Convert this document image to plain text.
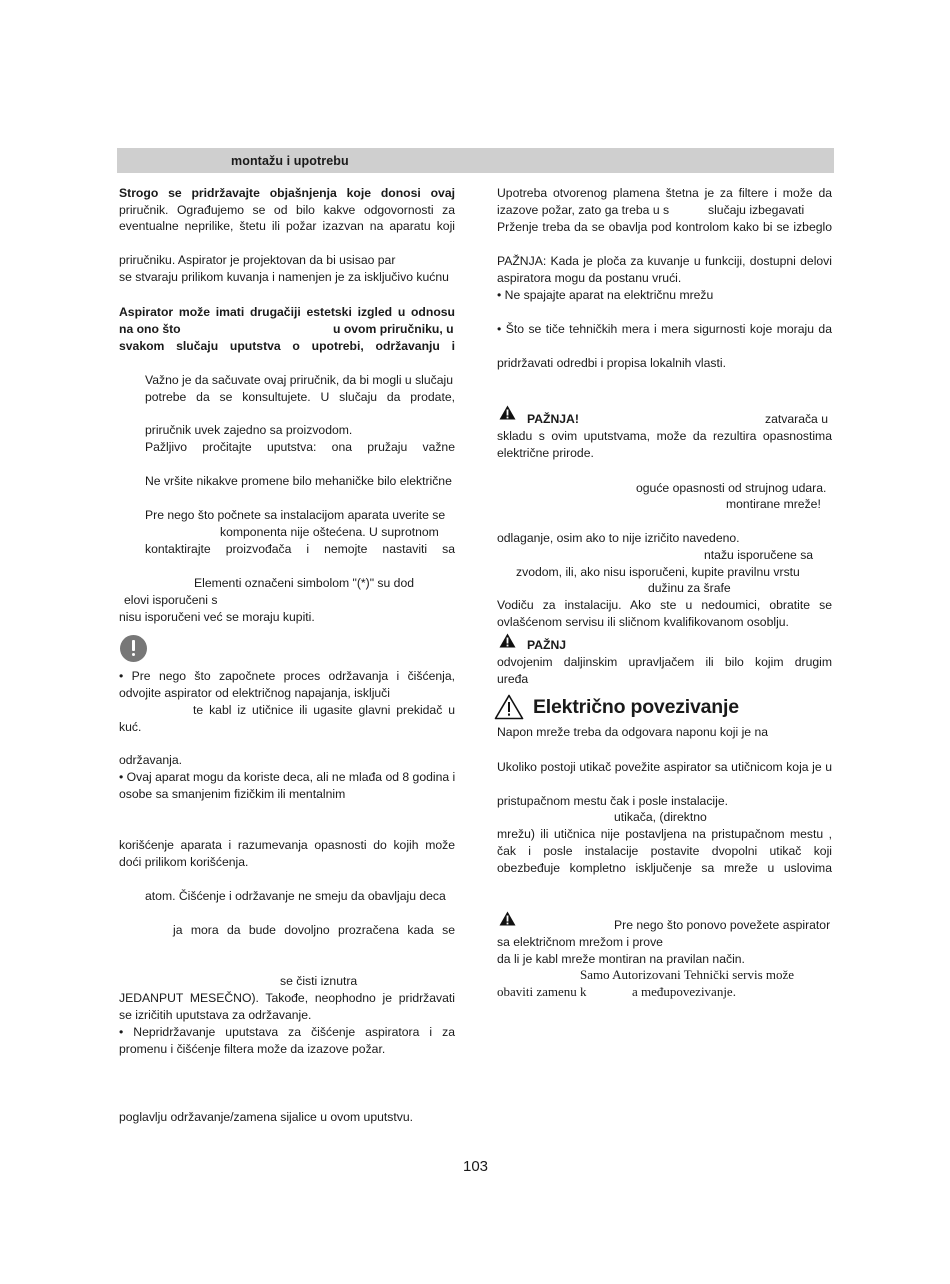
montažu i upotrebu
Strogo se pridržavajte objašnjenja koje donosi ovaj
priručnik. Ograđujemo se od bilo kakve odgovornosti za
eventualne neprilike, štetu ili požar izazvan na aparatu koji
priručniku. Aspirator je projektovan da bi usisao par
se stvaraju prilikom kuvanja i namenjen je za isključivo kućnu
Aspirator može imati drugačiji estetski izgled u odnosu
na ono što	u ovom priručniku, u
svakom slučaju uputstva o upotrebi, održavanju i
Važno je da sačuvate ovaj priručnik, da bi mogli u slučaju
potrebe da se konsultujete. U slučaju da prodate,
priručnik uvek zajedno sa proizvodom.
Pažljivo pročitajte uputstva: ona pružaju važne
Ne vršite nikakve promene bilo mehaničke bilo električne
Pre nego što počnete sa instalacijom aparata uverite se
komponenta nije oštećena. U suprotnom
kontaktirajte proizvođača i nemojte nastaviti sa
Elementi označeni simbolom "(*)" su dod
elovi isporučeni s
nisu isporučeni već se moraju kupiti.
• Pre nego što započnete proces održavanja i čišćenja,
odvojite aspirator od električnog napajanja, isključi
te kabl iz utičnice ili ugasite glavni prekidač u
kuć.
održavanja.
• Ovaj aparat mogu da koriste deca, ali ne mlađa od 8 godina i
osobe sa smanjenim fizičkim ili mentalnim
korišćenje aparata i razumevanja opasnosti do kojih može
doći prilikom korišćenja.
atom. Čišćenje i održavanje ne smeju da obavljaju deca
ja mora da bude dovoljno prozračena kada se
se čisti iznutra
JEDANPUT MESEČNO). Takođe, neophodno je pridržavati
se izričitih uputstava za održavanje.
• Nepridržavanje uputstava za čišćenje aspiratora i za
promenu i čišćenje filtera može da izazove požar.
poglavlju održavanje/zamena sijalice u ovom uputstvu.
Upotreba otvorenog plamena štetna je za filtere i može da
izazove požar, zato ga treba u s	slučaju izbegavati
Prženje treba da se obavlja pod kontrolom kako bi se izbeglo
PAŽNJA: Kada je ploča za kuvanje u funkciji, dostupni delovi
aspiratora mogu da postanu vrući.
• Ne spajajte aparat na električnu mrežu
• Što se tiče tehničkih mera i mera sigurnosti koje moraju da
pridržavati odredbi i propisa lokalnih vlasti.
PAŽNJA!	zatvarača u
skladu s ovim uputstvama, može da rezultira opasnostima
električne prirode.
oguće opasnosti od strujnog udara.
montirane mreže!
odlaganje, osim ako to nije izričito navedeno.
ntažu isporučene sa
zvodom, ili, ako nisu isporučeni, kupite pravilnu vrstu
dužinu za šrafe
Vodiču za instalaciju. Ako ste u nedoumici, obratite se
ovlašćenom servisu ili sličnom kvalifikovanom osoblju.
PAŽNJ
odvojenim daljinskim upravljačem ili bilo kojim drugim
uređa
Električno povezivanje
Napon mreže treba da odgovara naponu koji je na
Ukoliko postoji utikač povežite aspirator sa utičnicom koja je u
pristupačnom mestu čak i posle instalacije.
utikača, (direktno
mrežu) ili utičnica nije postavljena na pristupačnom mestu ,
čak i posle instalacije postavite dvopolni utikač koji
obezbeđuje kompletno isključenje sa mreže u uslovima
Pre nego što ponovo povežete aspirator
sa električnom mrežom i prove
da li je kabl mreže montiran na pravilan način.
Samo Autorizovani Tehnički servis može
obaviti zamenu k	a međupovezivanje.
103
